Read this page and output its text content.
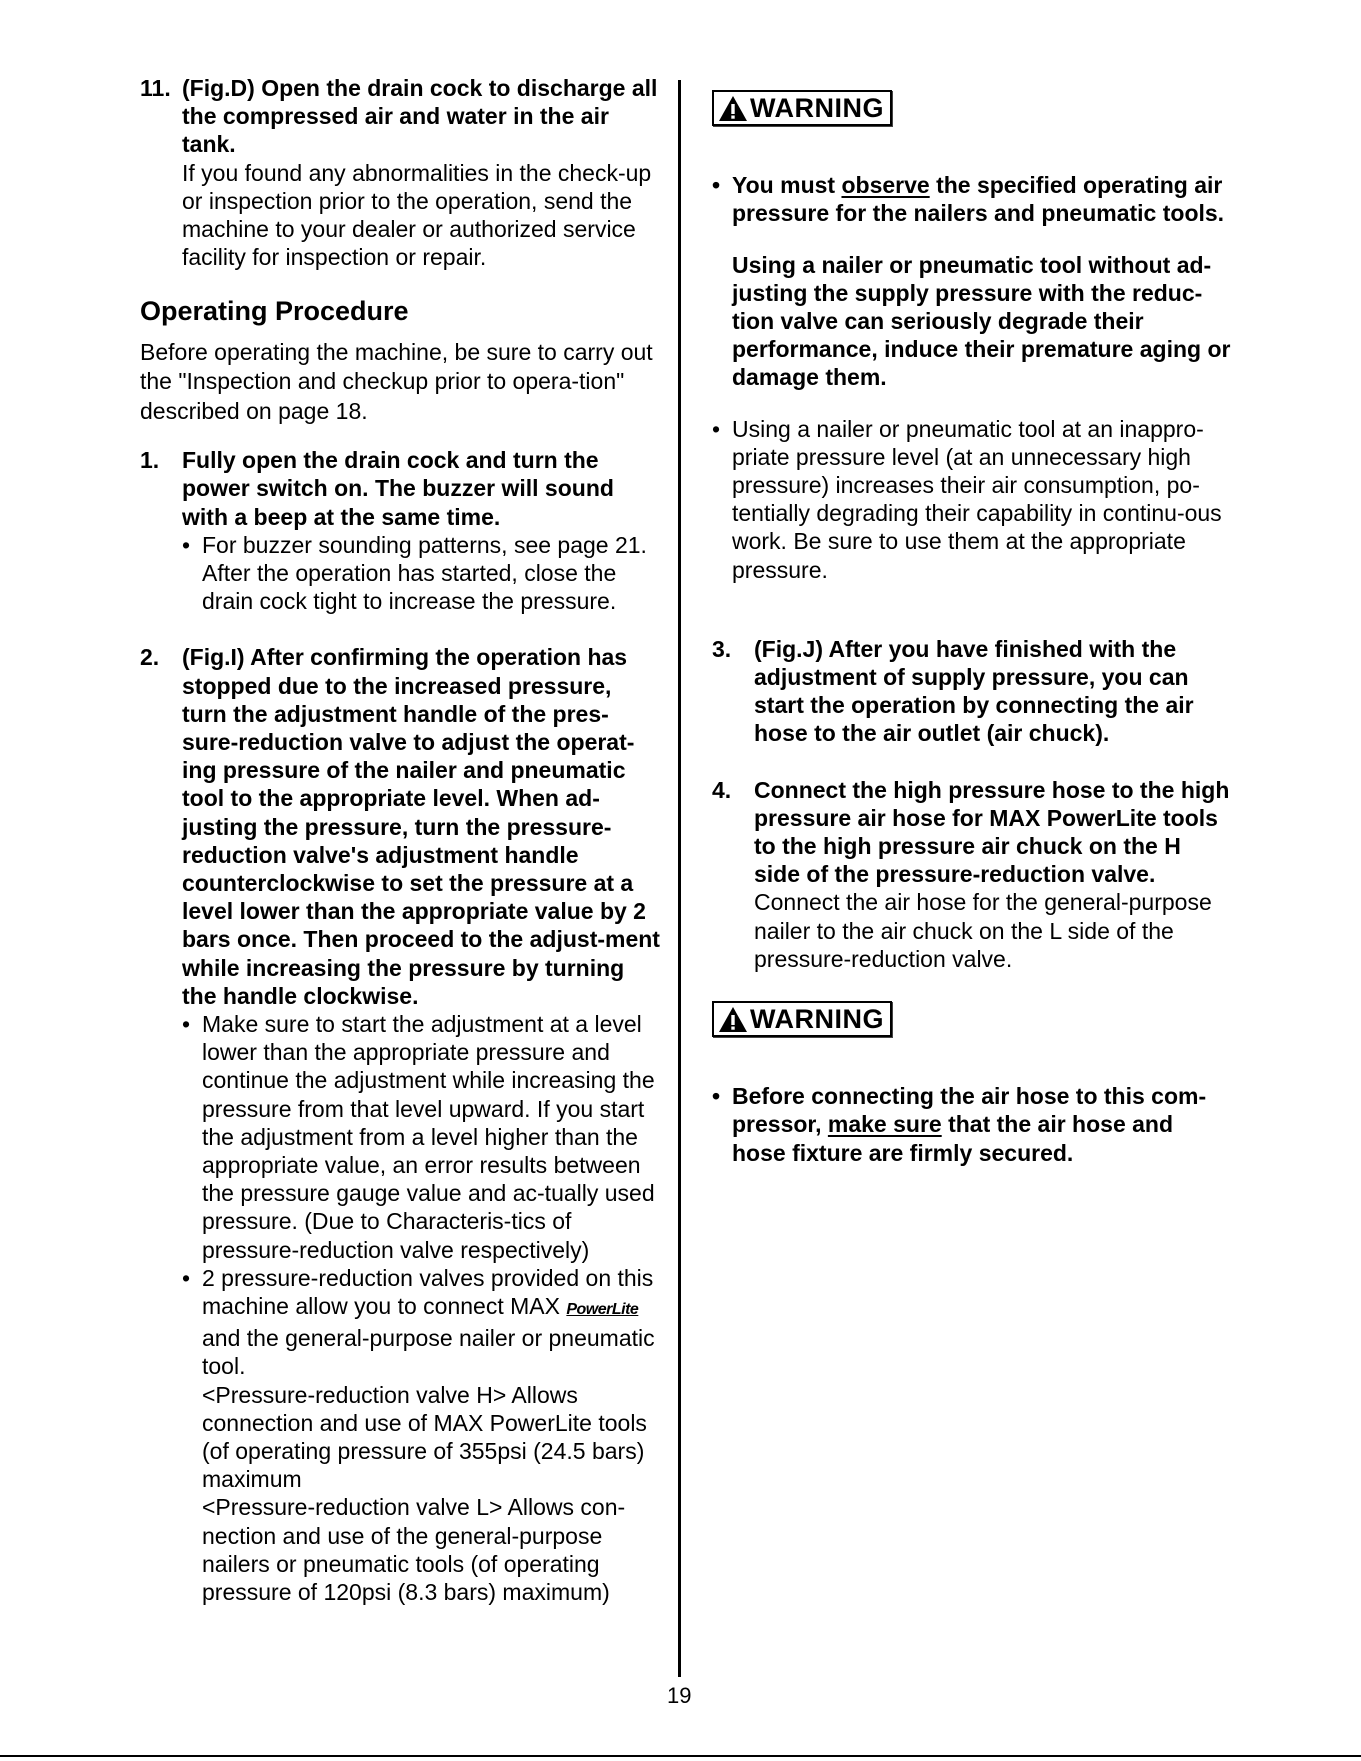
11. (Fig.D) Open the drain cock to discharge all the compressed air and water in the air tank.

If you found any abnormalities in the check-up or inspection prior to the operation, send the machine to your dealer or authorized service facility for inspection or repair.

Operating Procedure

Before operating the machine, be sure to carry out the "Inspection and checkup prior to opera-tion" described on page 18.

1. Fully open the drain cock and turn the power switch on. The buzzer will sound with a beep at the same time.

• For buzzer sounding patterns, see page 21.

After the operation has started, close the drain cock tight to increase the pressure.

2. (Fig.I) After confirming the operation has stopped due to the increased pressure, turn the adjustment handle of the pres-sure-reduction valve to adjust the operat-ing pressure of the nailer and pneumatic tool to the appropriate level. When ad-justing the pressure, turn the pressure-reduction valve's adjustment handle counterclockwise to set the pressure at a level lower than the appropriate value by 2 bars once. Then proceed to the adjust-ment while increasing the pressure by turning the handle clockwise.

• Make sure to start the adjustment at a level lower than the appropriate pressure and continue the adjustment while increasing the pressure from that level upward. If you start the adjustment from a level higher than the appropriate value, an error results between the pressure gauge value and ac-tually used pressure. (Due to Characteris-tics of pressure-reduction valve respectively)

• 2 pressure-reduction valves provided on this machine allow you to connect MAX PowerLite and the general-purpose nailer or pneumatic tool.

<Pressure-reduction valve H> Allows connection and use of MAX PowerLite tools (of operating pressure of 355psi (24.5 bars) maximum

<Pressure-reduction valve L> Allows con-nection and use of the general-purpose nailers or pneumatic tools (of operating pressure of 120psi (8.3 bars) maximum)

WARNING

• You must observe the specified operating air pressure for the nailers and pneumatic tools.

Using a nailer or pneumatic tool without ad-justing the supply pressure with the reduc-tion valve can seriously degrade their performance, induce their premature aging or damage them.

• Using a nailer or pneumatic tool at an inappro-priate pressure level (at an unnecessary high pressure) increases their air consumption, po-tentially degrading their capability in continu-ous work. Be sure to use them at the appropriate pressure.

3. (Fig.J) After you have finished with the adjustment of supply pressure, you can start the operation by connecting the air hose to the air outlet (air chuck).

4. Connect the high pressure hose to the high pressure air hose for MAX PowerLite tools to the high pressure air chuck on the H side of the pressure-reduction valve.

Connect the air hose for the general-purpose nailer to the air chuck on the L side of the pressure-reduction valve.

WARNING

• Before connecting the air hose to this com-pressor, make sure that the air hose and hose fixture are firmly secured.

19
